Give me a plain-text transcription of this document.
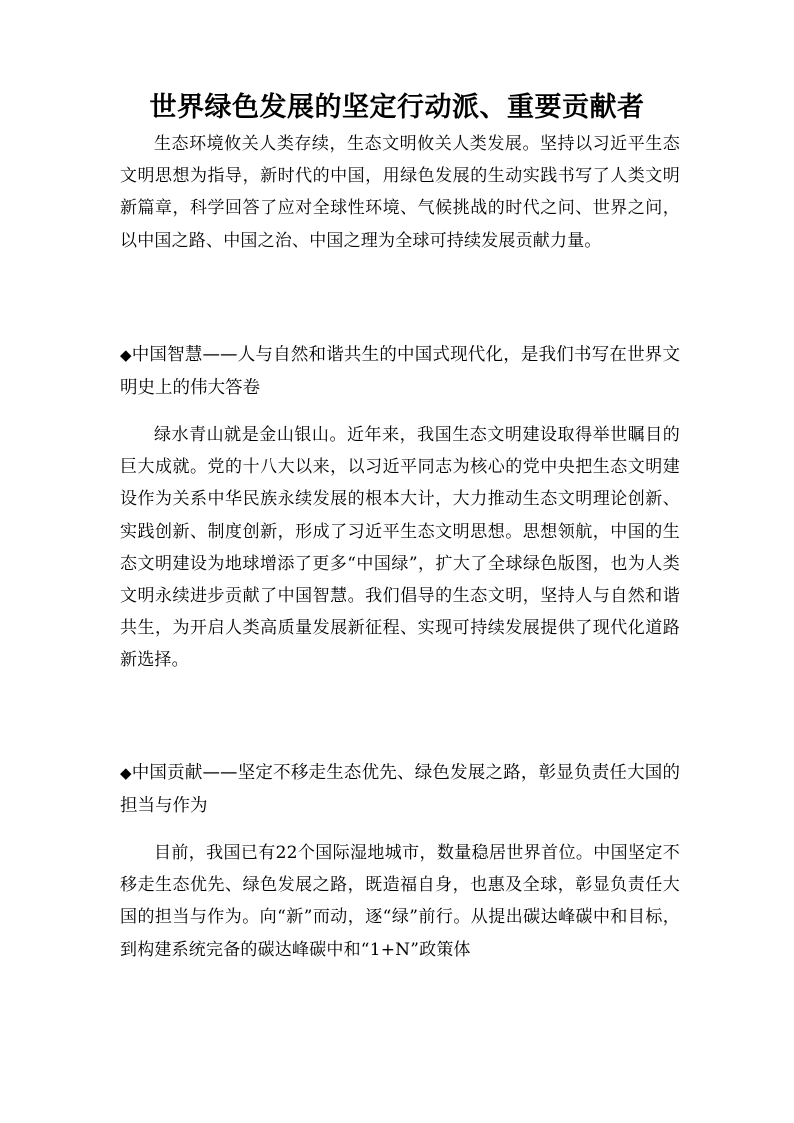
世界绿色发展的坚定行动派、重要贡献者

生态环境攸关人类存续，生态文明攸关人类发展。坚持以习近平生态文明思想为指导，新时代的中国，用绿色发展的生动实践书写了人类文明新篇章，科学回答了应对全球性环境、气候挑战的时代之问、世界之问，以中国之路、中国之治、中国之理为全球可持续发展贡献力量。

◆中国智慧——人与自然和谐共生的中国式现代化，是我们书写在世界文明史上的伟大答卷

绿水青山就是金山银山。近年来，我国生态文明建设取得举世瞩目的巨大成就。党的十八大以来，以习近平同志为核心的党中央把生态文明建设作为关系中华民族永续发展的根本大计，大力推动生态文明理论创新、实践创新、制度创新，形成了习近平生态文明思想。思想领航，中国的生态文明建设为地球增添了更多“中国绿”，扩大了全球绿色版图，也为人类文明永续进步贡献了中国智慧。我们倡导的生态文明，坚持人与自然和谐共生，为开启人类高质量发展新征程、实现可持续发展提供了现代化道路新选择。

◆中国贡献——坚定不移走生态优先、绿色发展之路，彰显负责任大国的担当与作为

目前，我国已有22个国际湿地城市，数量稳居世界首位。中国坚定不移走生态优先、绿色发展之路，既造福自身，也惠及全球，彰显负责任大国的担当与作为。向“新”而动，逐“绿”前行。从提出碳达峰碳中和目标，到构建系统完备的碳达峰碳中和“1+N”政策体
